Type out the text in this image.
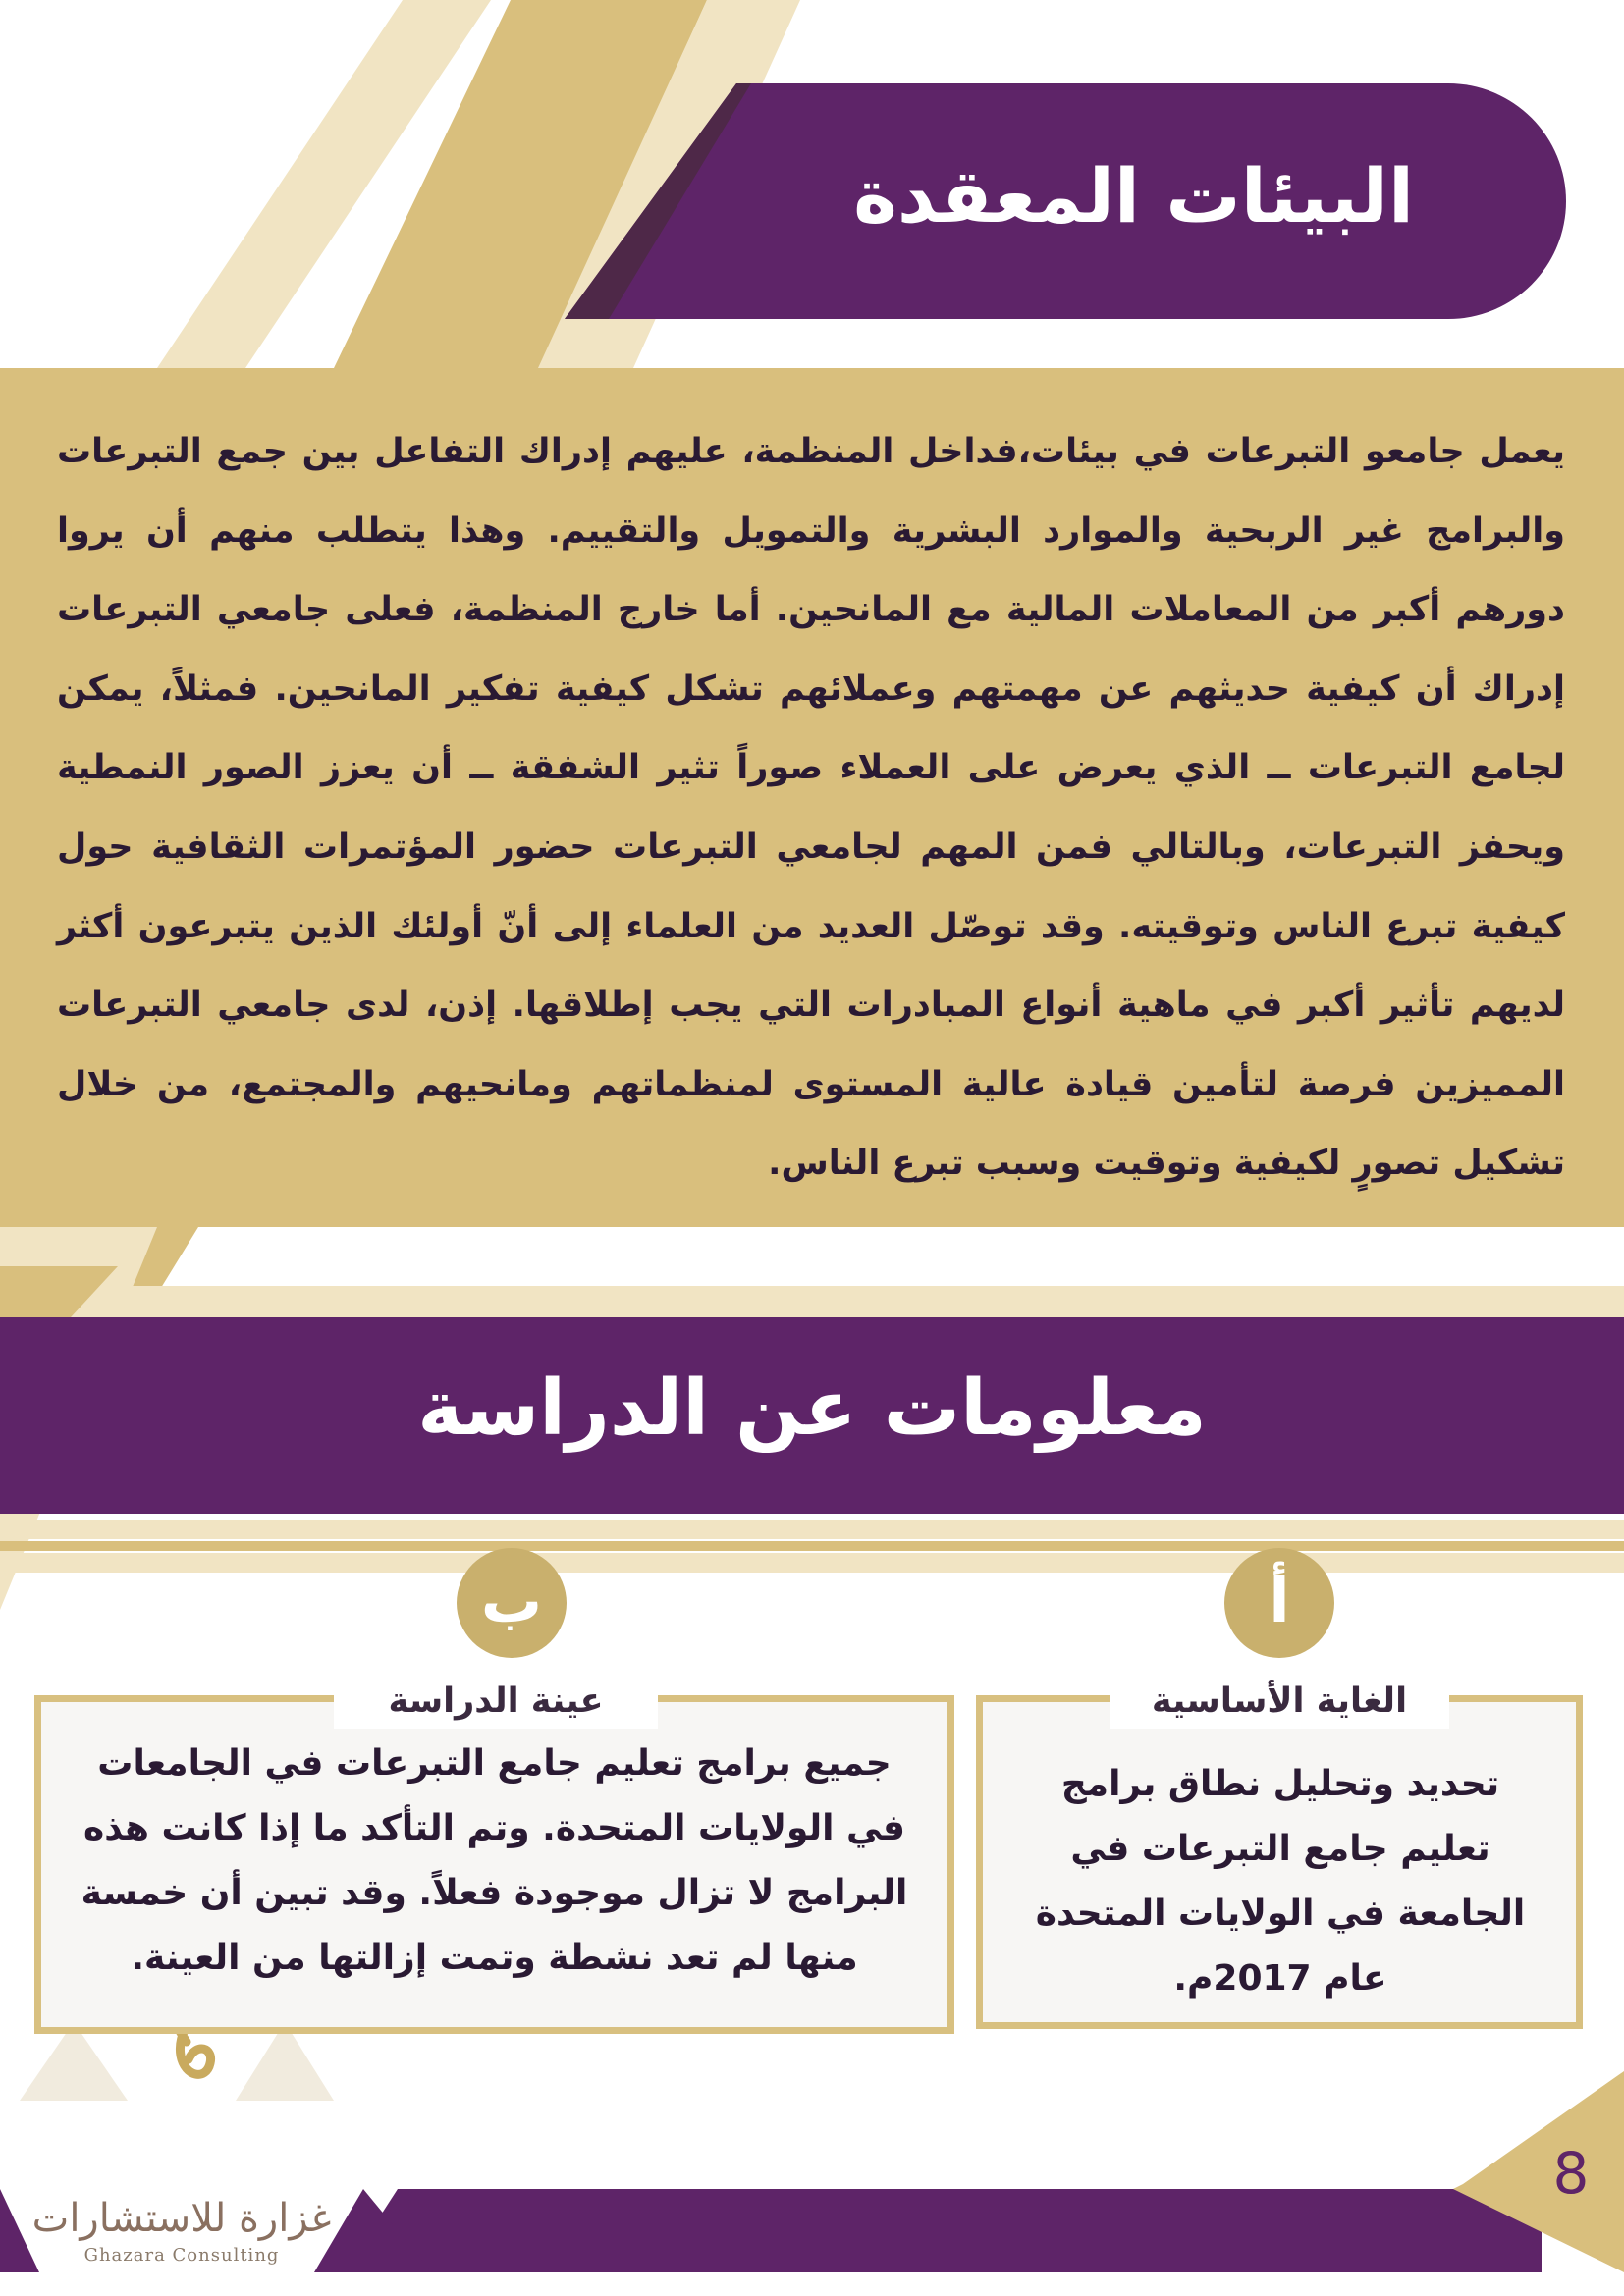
البيئات المعقدة
يعمل جامعو التبرعات في بيئات،فداخل المنظمة، عليهم إدراك التفاعل بين جمع التبرعات والبرامج غير الربحية والموارد البشرية والتمويل والتقييم. وهذا يتطلب منهم أن يروا دورهم أكبر من المعاملات المالية مع المانحين. أما خارج المنظمة، فعلى جامعي التبرعات إدراك أن كيفية حديثهم عن مهمتهم وعملائهم تشكل كيفية تفكير المانحين. فمثلاً، يمكن لجامع التبرعات ــ الذي يعرض على العملاء صوراً تثير الشفقة ــ أن يعزز الصور النمطية ويحفز التبرعات، وبالتالي فمن المهم لجامعي التبرعات حضور المؤتمرات الثقافية حول كيفية تبرع الناس وتوقيته. وقد توصّل العديد من العلماء إلى أنّ أولئك الذين يتبرعون أكثر لديهم تأثير أكبر في ماهية أنواع المبادرات التي يجب إطلاقها. إذن، لدى جامعي التبرعات المميزين فرصة لتأمين قيادة عالية المستوى لمنظماتهم ومانحيهم والمجتمع، من خلال تشكيل تصورٍ لكيفية وتوقيت وسبب تبرع الناس.
معلومات عن الدراسة
أ
الغاية الأساسية
تحديد وتحليل نطاق برامج تعليم جامع التبرعات في الجامعة في الولايات المتحدة عام 2017م.
ب
عينة الدراسة
جميع برامج تعليم جامع التبرعات في الجامعات في الولايات المتحدة. وتم التأكد ما إذا كانت هذه البرامج لا تزال موجودة فعلاً. وقد تبين أن خمسة منها لم تعد نشطة وتمت إزالتها من العينة.
8
غزارة للاستشارات
Ghazara Consulting
